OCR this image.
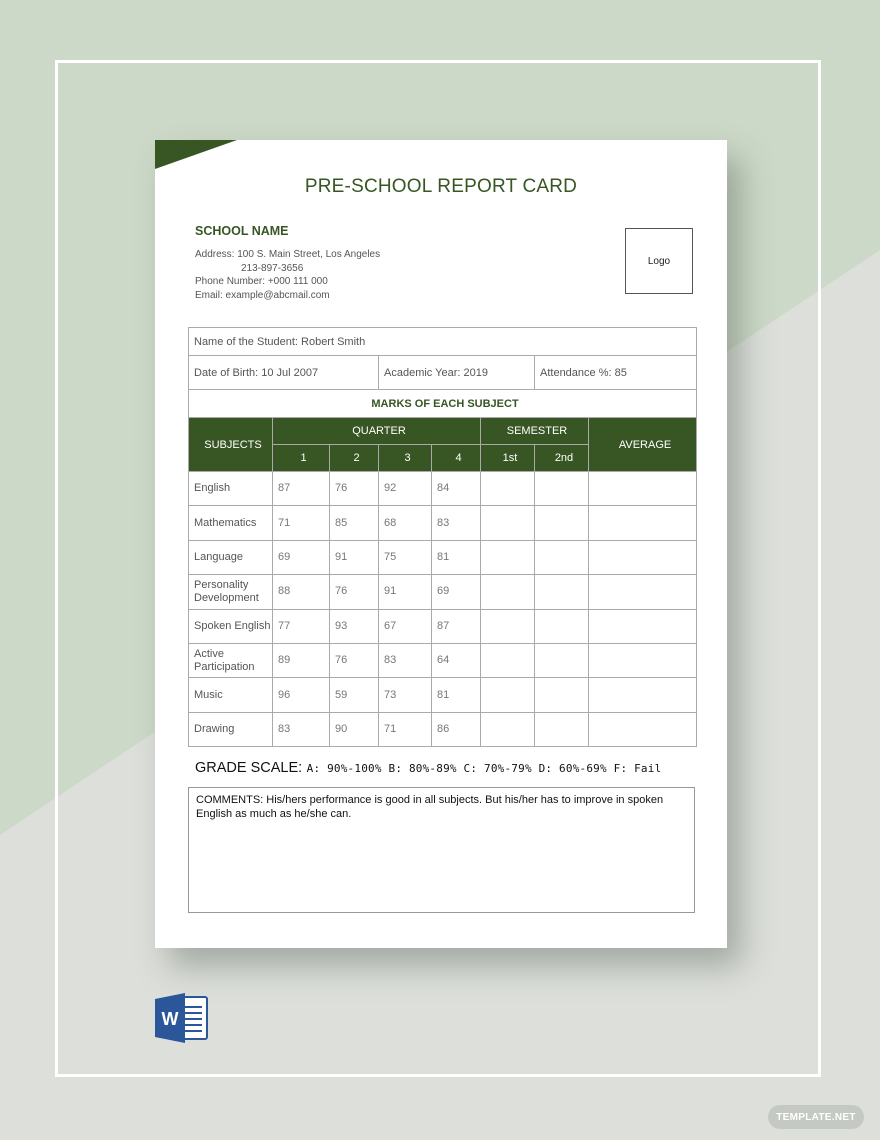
PRE-SCHOOL REPORT CARD
SCHOOL NAME
Address: 100 S. Main Street, Los Angeles
213-897-3656
Phone Number: +000 111 000
Email: example@abcmail.com
Logo
Name of the Student: Robert Smith							
Date of Birth: 10 Jul 2007			Academic Year: 2019			Attendance %: 85	
MARKS OF EACH SUBJECT							
SUBJECTS	QUARTER				SEMESTER		AVERAGE
	1	2	3	4	1st	2nd	
English	87	76	92	84			
Mathematics	71	85	68	83			
Language	69	91	75	81			
Personality Development	88	76	91	69			
Spoken English	77	93	67	87			
Active Participation	89	76	83	64			
Music	96	59	73	81			
Drawing	83	90	71	86			
GRADE SCALE: A: 90%-100% B: 80%-89% C: 70%-79% D: 60%-69% F: Fail
COMMENTS: His/hers performance is good in all subjects. But his/her has to improve in spoken English as much as he/she can.
W
TEMPLATE.NET
